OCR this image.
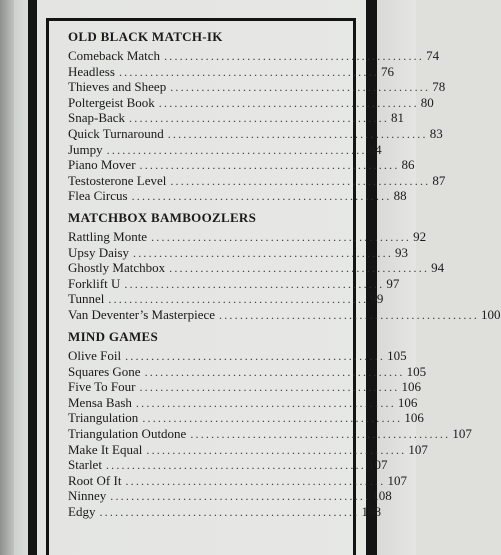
OLD BLACK MATCH-IK
Comeback Match .................................................. 74
Headless .................................................. 76
Thieves and Sheep .................................................. 78
Poltergeist Book .................................................. 80
Snap-Back .................................................. 81
Quick Turnaround .................................................. 83
Jumpy .................................................. 84
Piano Mover .................................................. 86
Testosterone Level .................................................. 87
Flea Circus .................................................. 88
MATCHBOX BAMBOOZLERS
Rattling Monte .................................................. 92
Upsy Daisy .................................................. 93
Ghostly Matchbox .................................................. 94
Forklift U .................................................. 97
Tunnel .................................................. 99
Van Deventer’s Masterpiece .................................................. 100
MIND GAMES
Olive Foil .................................................. 105
Squares Gone .................................................. 105
Five To Four .................................................. 106
Mensa Bash .................................................. 106
Triangulation .................................................. 106
Triangulation Outdone .................................................. 107
Make It Equal .................................................. 107
Starlet .................................................. 107
Root Of It .................................................. 107
Ninney .................................................. 108
Edgy .................................................. 108
